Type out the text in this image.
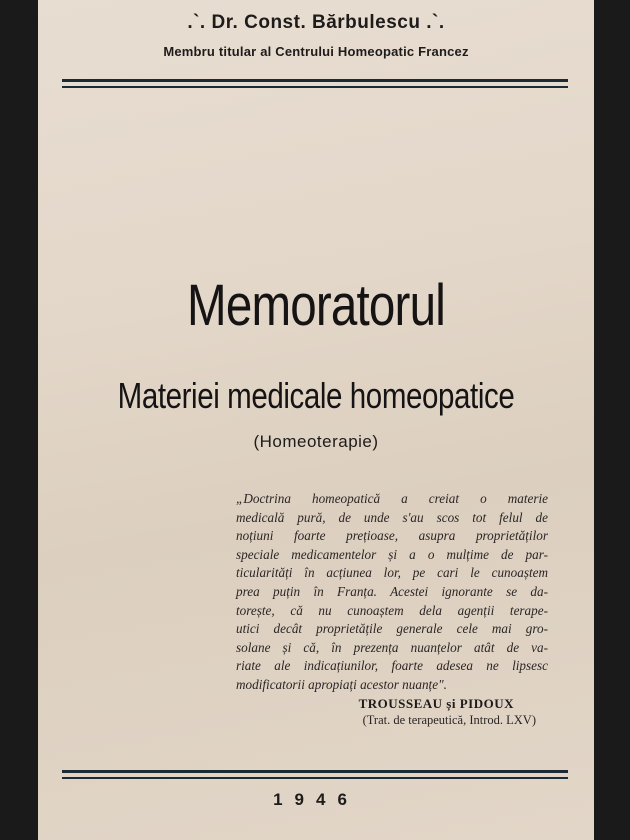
.`. Dr. Const. Bărbulescu .`.
Membru titular al Centrului Homeopatic Francez
Memoratorul
Materiei medicale homeopatice
(Homeoterapie)
„Doctrina homeopatică a creiat o materie
medicală pură, de unde s'au scos tot felul de
noțiuni foarte prețioase, asupra proprietăților
speciale medicamentelor și a o mulțime de par-
ticularități în acțiunea lor, pe cari le cunoaștem
prea puțin în Franța. Acestei ignorante se da-
torește, că nu cunoaștem dela agenții terape-
utici decât proprietățile generale cele mai gro-
solane și că, în prezența nuanțelor atât de va-
riate ale indicațiunilor, foarte adesea ne lipsesc
modificatorii apropiați acestor nuanțe".
TROUSSEAU și PIDOUX
(Trat. de terapeutică, Introd. LXV)
1946
